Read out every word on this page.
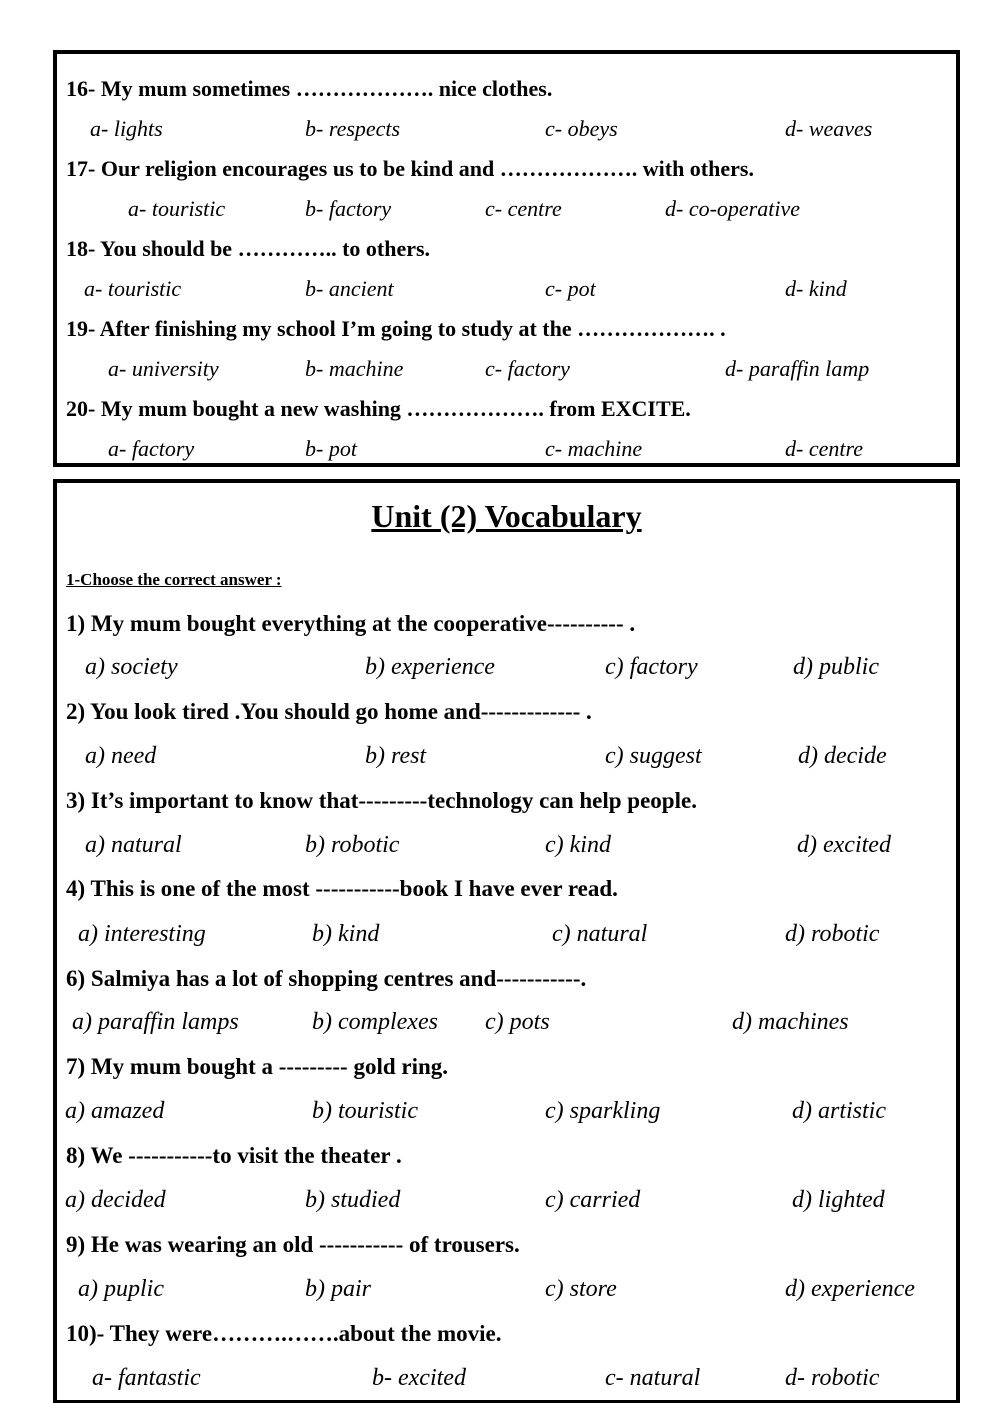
16- My mum sometimes ………………. nice clothes.
a- lights	b- respects	c- obeys	d- weaves
17- Our religion encourages us to be kind and ………………. with others.
a- touristic	b- factory	c- centre	d- co-operative
18- You should be ………….. to others.
a- touristic	b- ancient	c- pot	d- kind
19- After finishing my school I’m going to study at the ………………. .
a- university	b- machine	c- factory	d- paraffin lamp
20- My mum bought a new washing ………………. from EXCITE.
a- factory	b- pot	c- machine	d- centre
Unit (2) Vocabulary
1-Choose the correct answer :
1) My mum bought everything at the cooperative---------- .
a) society	b) experience	c) factory	d) public
2) You look tired .You should go home and------------- .
a) need	b) rest	c) suggest	d) decide
3) It’s important to know that---------technology can help people.
a) natural	b) robotic	c) kind	d) excited
4) This is one of the most -----------book I have ever read.
a) interesting	b) kind	c) natural	d) robotic
6) Salmiya has a lot of shopping centres and-----------.
a) paraffin lamps	b) complexes c) pots	d) machines
7) My mum bought a --------- gold ring.
a) amazed	b) touristic	c) sparkling	d) artistic
8) We -----------to visit the theater .
a) decided	b) studied	c) carried	d) lighted
9) He was wearing an old ----------- of trousers.
a) puplic	b) pair	c) store	d) experience
10)- They were……….…….about the movie.
a- fantastic	b- excited	c- natural	d- robotic
